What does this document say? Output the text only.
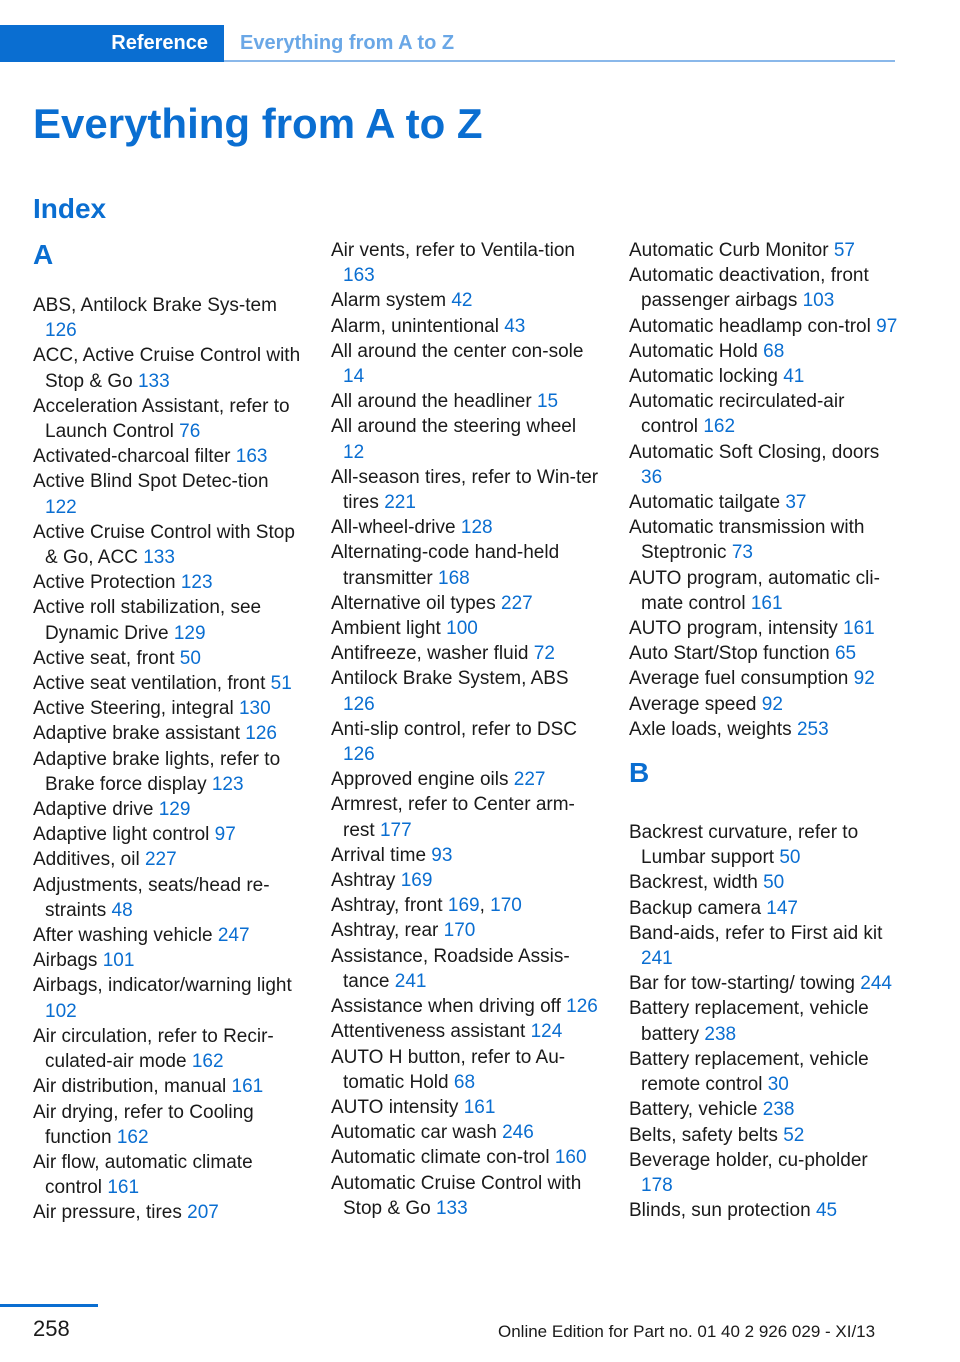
Reference	Everything from A to Z
Everything from A to Z
Index
A
ABS, Antilock Brake Sys-tem 126
ACC, Active Cruise Control with Stop & Go 133
Acceleration Assistant, refer to Launch Control 76
Activated-charcoal filter 163
Active Blind Spot Detec-tion 122
Active Cruise Control with Stop & Go, ACC 133
Active Protection 123
Active roll stabilization, see Dynamic Drive 129
Active seat, front 50
Active seat ventilation, front 51
Active Steering, integral 130
Adaptive brake assistant 126
Adaptive brake lights, refer to Brake force display 123
Adaptive drive 129
Adaptive light control 97
Additives, oil 227
Adjustments, seats/head re-straints 48
After washing vehicle 247
Airbags 101
Airbags, indicator/warning light 102
Air circulation, refer to Recir-culated-air mode 162
Air distribution, manual 161
Air drying, refer to Cooling function 162
Air flow, automatic climate control 161
Air pressure, tires 207
Air vents, refer to Ventila-tion 163
Alarm system 42
Alarm, unintentional 43
All around the center con-sole 14
All around the headliner 15
All around the steering wheel 12
All-season tires, refer to Win-ter tires 221
All-wheel-drive 128
Alternating-code hand-held transmitter 168
Alternative oil types 227
Ambient light 100
Antifreeze, washer fluid 72
Antilock Brake System, ABS 126
Anti-slip control, refer to DSC 126
Approved engine oils 227
Armrest, refer to Center arm-rest 177
Arrival time 93
Ashtray 169
Ashtray, front 169, 170
Ashtray, rear 170
Assistance, Roadside Assis-tance 241
Assistance when driving off 126
Attentiveness assistant 124
AUTO H button, refer to Au-tomatic Hold 68
AUTO intensity 161
Automatic car wash 246
Automatic climate con-trol 160
Automatic Cruise Control with Stop & Go 133
Automatic Curb Monitor 57
Automatic deactivation, front passenger airbags 103
Automatic headlamp con-trol 97
Automatic Hold 68
Automatic locking 41
Automatic recirculated-air control 162
Automatic Soft Closing, doors 36
Automatic tailgate 37
Automatic transmission with Steptronic 73
AUTO program, automatic cli-mate control 161
AUTO program, intensity 161
Auto Start/Stop function 65
Average fuel consumption 92
Average speed 92
Axle loads, weights 253
B
Backrest curvature, refer to Lumbar support 50
Backrest, width 50
Backup camera 147
Band-aids, refer to First aid kit 241
Bar for tow-starting/ towing 244
Battery replacement, vehicle battery 238
Battery replacement, vehicle remote control 30
Battery, vehicle 238
Belts, safety belts 52
Beverage holder, cu-pholder 178
Blinds, sun protection 45
258	Online Edition for Part no. 01 40 2 926 029 - XI/13
